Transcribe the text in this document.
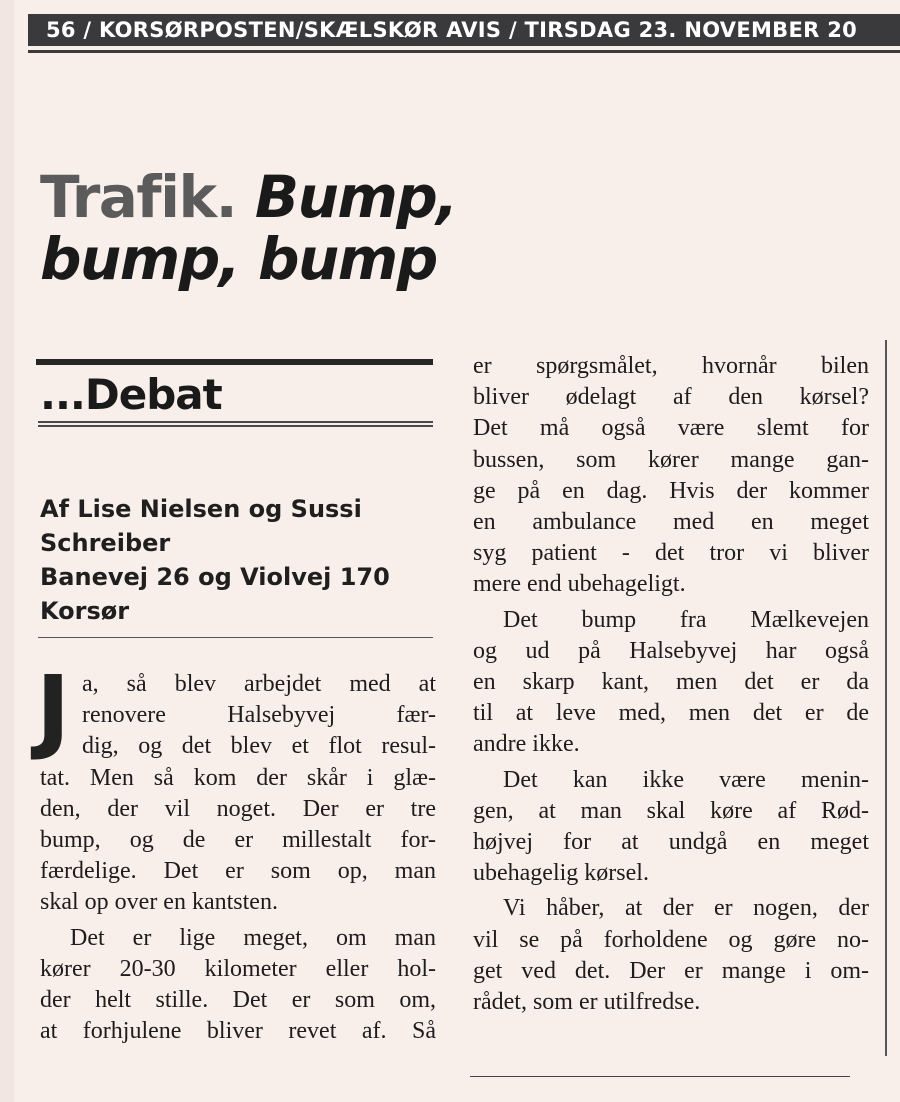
56 / KORSØRPOSTEN/SKÆLSKØR AVIS / TIRSDAG 23. NOVEMBER 20
Trafik. Bump, bump, bump
...Debat
Af Lise Nielsen og Sussi
Schreiber
Banevej 26 og Violvej 170
Korsør
J a, så blev arbejdet med at

renovere Halsebyvej fær-

dig, og det blev et flot resul-

tat. Men så kom der skår i glæ-

den, der vil noget. Der er tre

bump, og de er millestalt for-

færdelige. Det er som op, man

skal op over en kantsten.

Det er lige meget, om man

kører 20-30 kilometer eller hol-

der helt stille. Det er som om,

at forhjulene bliver revet af. Så

er spørgsmålet, hvornår bilen

bliver ødelagt af den kørsel?

Det må også være slemt for

bussen, som kører mange gan-

ge på en dag. Hvis der kommer

en ambulance med en meget

syg patient - det tror vi bliver

mere end ubehageligt.

Det bump fra Mælkevejen

og ud på Halsebyvej har også

en skarp kant, men det er da

til at leve med, men det er de

andre ikke.

Det kan ikke være menin-

gen, at man skal køre af Rød-

højvej for at undgå en meget

ubehagelig kørsel.

Vi håber, at der er nogen, der

vil se på forholdene og gøre no-

get ved det. Der er mange i om-

rådet, som er utilfredse.
